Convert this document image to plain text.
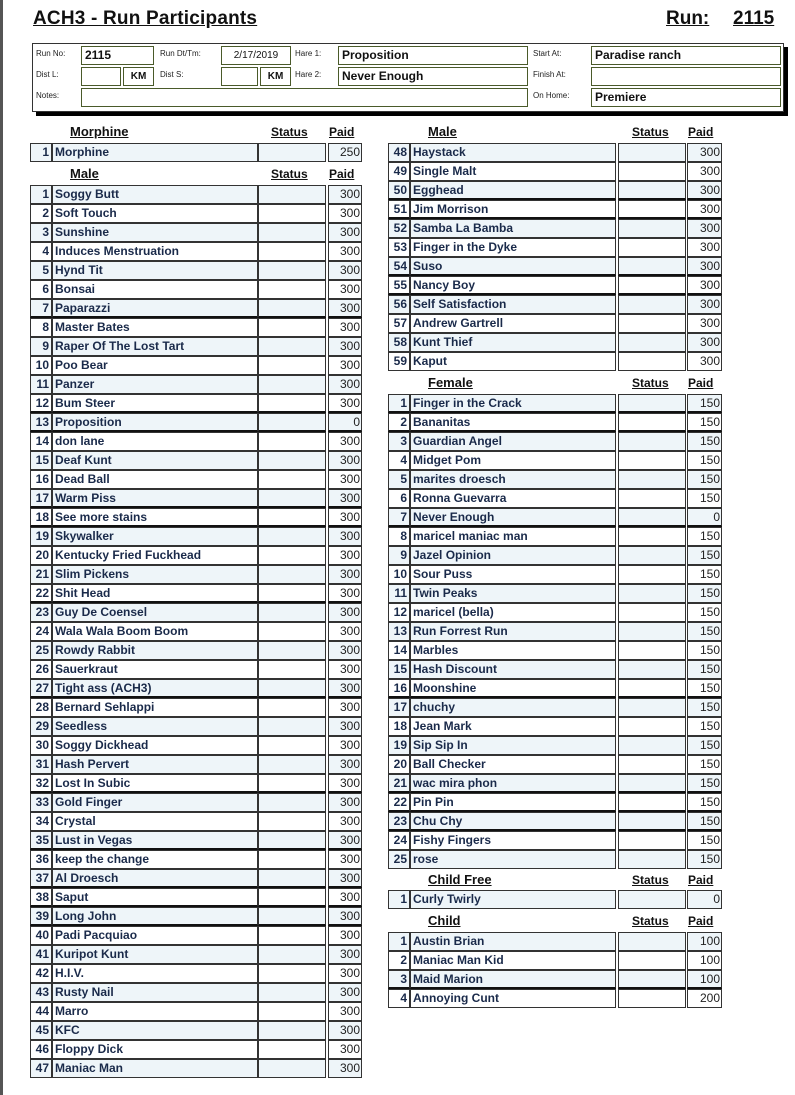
ACH3 - Run Participants	Run: 2115
Run No:	2115	Run Dt/Tm:	2/17/2019	Hare 1:	Proposition	Start At:	Paradise ranch
Dist L:	KM	Dist S:	KM	Hare 2:	Never Enough	Finish At:
Notes:	On Home:	Premiere
Morphine	Status Paid
1 Morphine	250
Male	Status Paid
1 Soggy Butt	300
2 Soft Touch	300
3 Sunshine	300
4 Induces Menstruation	300
5 Hynd Tit	300
6 Bonsai	300
7 Paparazzi	300
8 Master Bates	300
9 Raper Of The Lost Tart	300
10 Poo Bear	300
11 Panzer	300
12 Bum Steer	300
13 Proposition	0
14 don lane	300
15 Deaf Kunt	300
16 Dead Ball	300
17 Warm Piss	300
18 See more stains	300
19 Skywalker	300
20 Kentucky Fried Fuckhead	300
21 Slim Pickens	300
22 Shit Head	300
23 Guy De Coensel	300
24 Wala Wala Boom Boom	300
25 Rowdy Rabbit	300
26 Sauerkraut	300
27 Tight ass (ACH3)	300
28 Bernard Sehlappi	300
29 Seedless	300
30 Soggy Dickhead	300
31 Hash Pervert	300
32 Lost In Subic	300
33 Gold Finger	300
34 Crystal	300
35 Lust in Vegas	300
36 keep the change	300
37 Al Droesch	300
38 Saput	300
39 Long John	300
40 Padi Pacquiao	300
41 Kuripot Kunt	300
42 H.I.V.	300
43 Rusty Nail	300
44 Marro	300
45 KFC	300
46 Floppy Dick	300
47 Maniac Man	300
Male	Status Paid
48 Haystack	300
49 Single Malt	300
50 Egghead	300
51 Jim Morrison	300
52 Samba La Bamba	300
53 Finger in the Dyke	300
54 Suso	300
55 Nancy Boy	300
56 Self Satisfaction	300
57 Andrew Gartrell	300
58 Kunt Thief	300
59 Kaput	300
Female	Status Paid
1 Finger in the Crack	150
2 Bananitas	150
3 Guardian Angel	150
4 Midget Pom	150
5 marites droesch	150
6 Ronna Guevarra	150
7 Never Enough	0
8 maricel maniac man	150
9 Jazel Opinion	150
10 Sour Puss	150
11 Twin Peaks	150
12 maricel (bella)	150
13 Run Forrest Run	150
14 Marbles	150
15 Hash Discount	150
16 Moonshine	150
17 chuchy	150
18 Jean Mark	150
19 Sip Sip In	150
20 Ball Checker	150
21 wac mira phon	150
22 Pin Pin	150
23 Chu Chy	150
24 Fishy Fingers	150
25 rose	150
Child Free	Status Paid
1 Curly Twirly	0
Child	Status Paid
1 Austin Brian	100
2 Maniac Man Kid	100
3 Maid Marion	100
4 Annoying Cunt	200
